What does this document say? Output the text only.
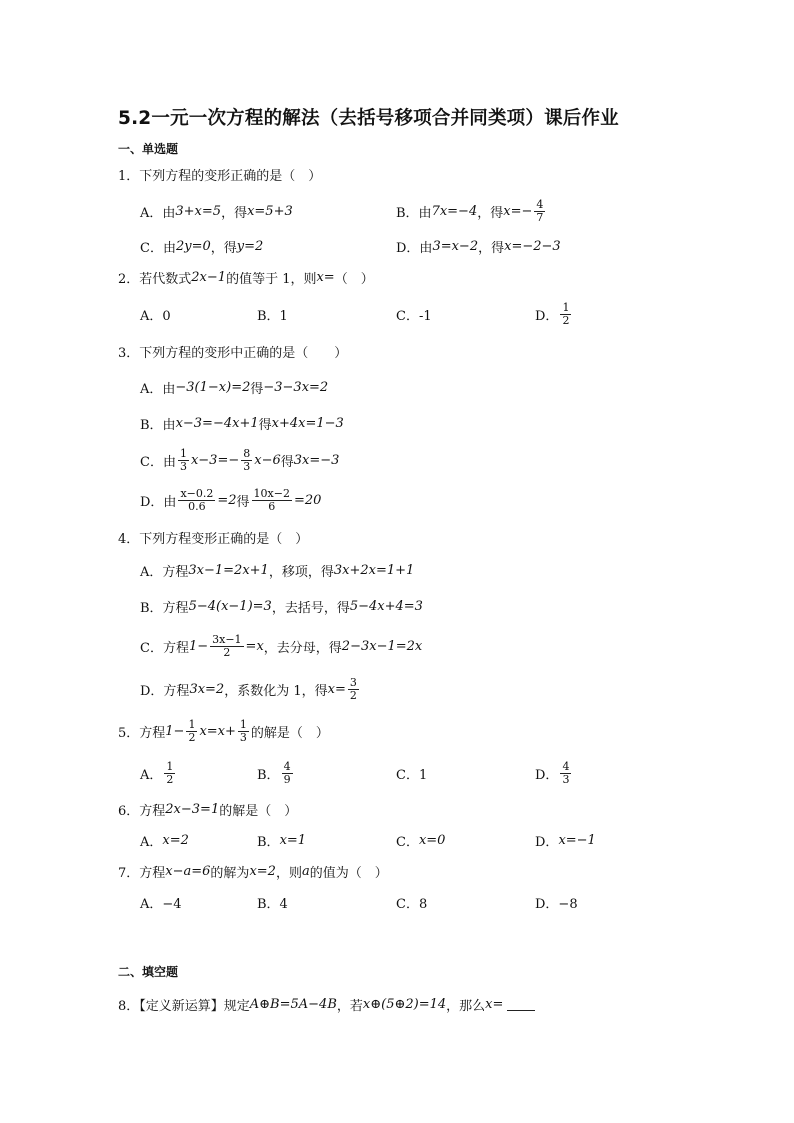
5.2一元一次方程的解法（去括号移项合并同类项）课后作业
一、单选题
1．下列方程的变形正确的是（　）
A．由 3+x=5 ，得 x=5+3	B．由 7x=−4 ，得 $x=- \frac{4}{7}$
C．由 2y=0 ，得 y=2	D．由 3=x−2 ，得 x=−2−3
2．若代数式 2x−1 的值等于 1，则 x= （　）
A．0	B．1	C．-1	D． $\frac{1}{2}$
3．下列方程的变形中正确的是（　　）
A．由 −3(1−x)=2 得 −3−3x=2
B．由 x−3=−4x+1 得 x+4x=1−3
C．由 $\frac{1}{3} x-3=- \frac{8}{3} x-6$ 得 3x=−3
D．由 $\frac{x-0.2}{0.6} =2$ 得 $\frac{10x-2}{6} =20$
4．下列方程变形正确的是（　）
A．方程 3x−1=2x+1 ，移项，得 3x+2x=1+1
B．方程 5−4(x−1)=3 ，去括号，得 5−4x+4=3
C．方程 $1- \frac{3x-1}{2} =x$ ，去分母，得 2−3x−1=2x
D．方程 3x=2 ，系数化为 1，得 $x= \frac{3}{2}$
5．方程 $1- \frac{1}{2} x=x+ \frac{1}{3}$ 的解是（　）
A． $\frac{1}{2}$	B． $\frac{4}{9}$	C．1	D． $\frac{4}{3}$
6．方程 2x−3=1 的解是（　）
A． x=2	B． x=1	C． x=0	D． x=−1
7．方程 x−a=6 的解为 x=2 ，则 a 的值为（　）
A．−4	B．4	C．8	D．−8
二、填空题
8．【定义新运算】规定 A⊕B=5A−4B ，若 x⊕(5⊕2)=14 ，那么 x=
